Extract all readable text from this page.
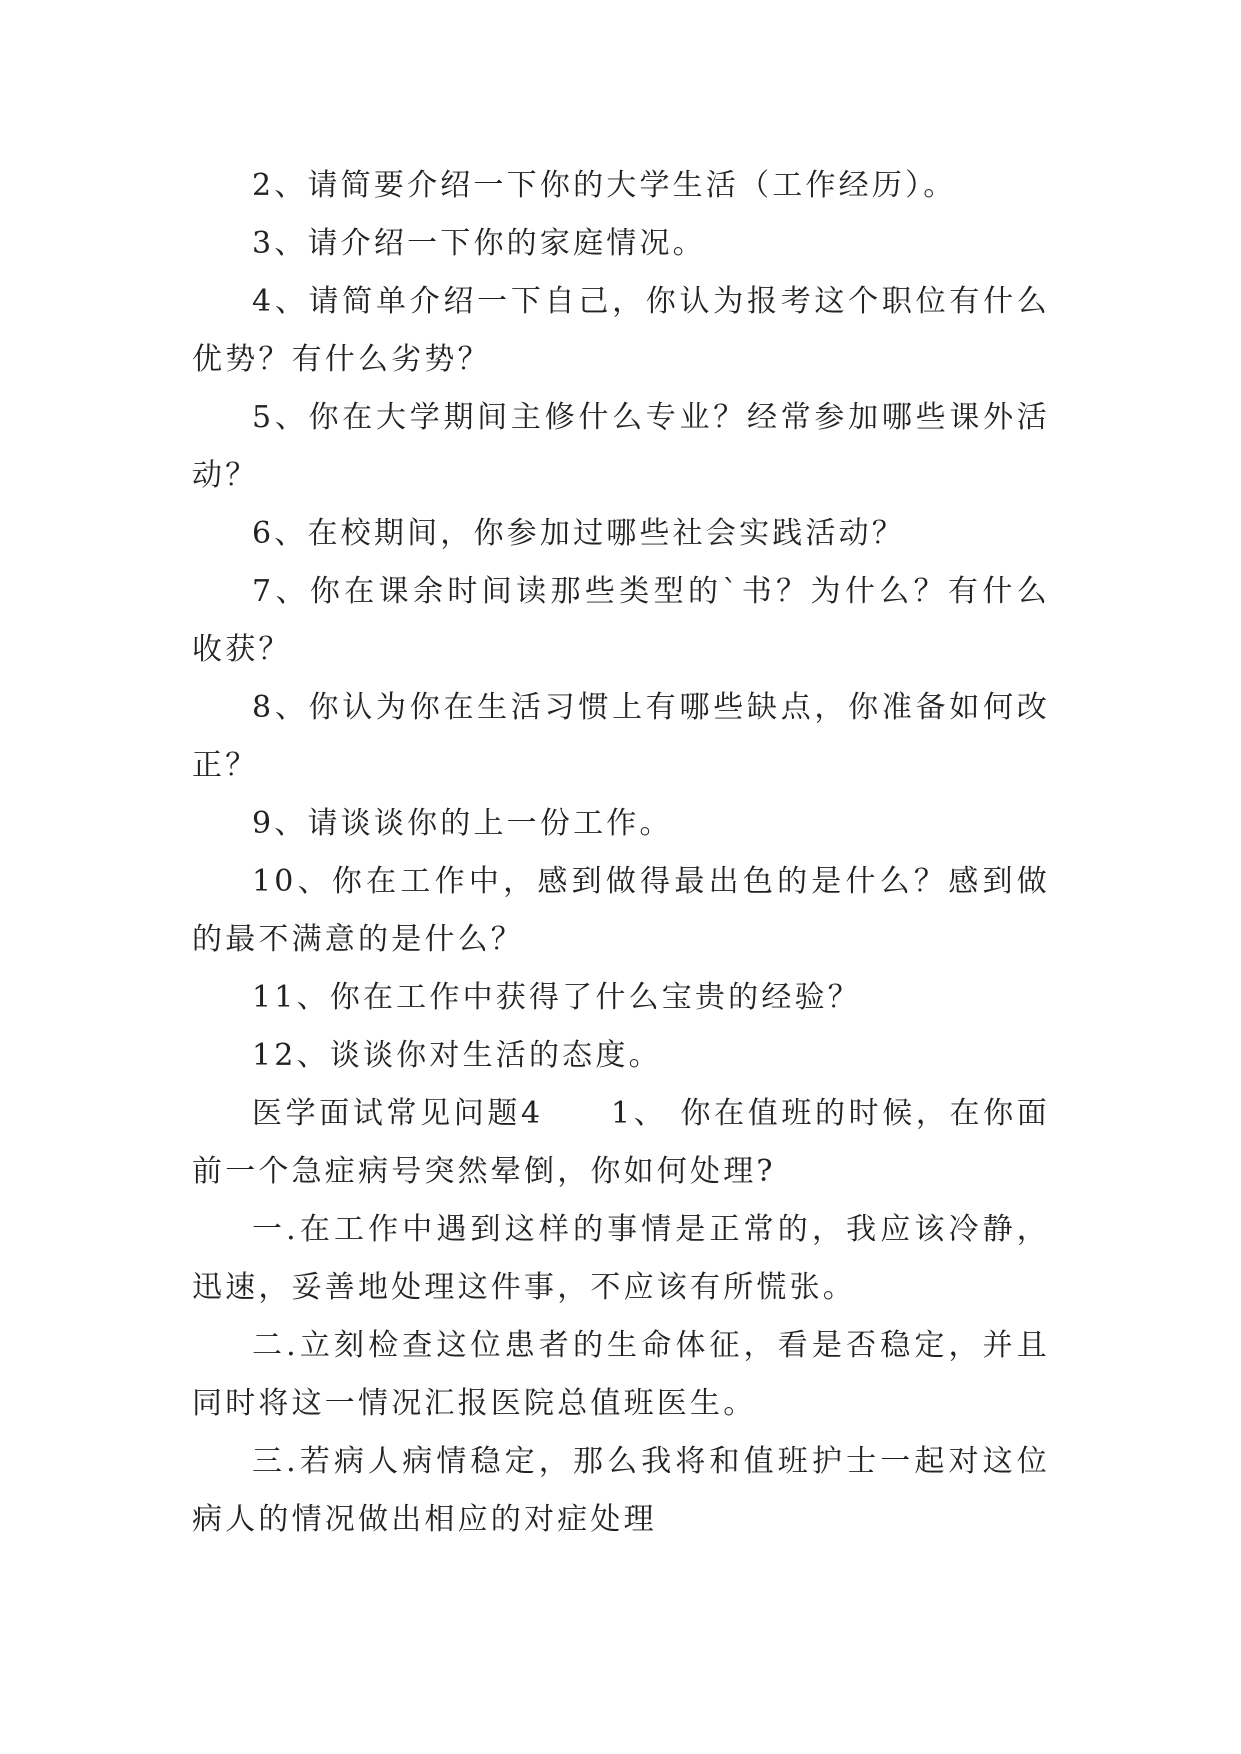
2、请简要介绍一下你的大学生活（工作经历）。

3、请介绍一下你的家庭情况。

4、请简单介绍一下自己，你认为报考这个职位有什么优势？有什么劣势？

5、你在大学期间主修什么专业？经常参加哪些课外活动？

6、在校期间，你参加过哪些社会实践活动？

7、你在课余时间读那些类型的`书？为什么？有什么收获？

8、你认为你在生活习惯上有哪些缺点，你准备如何改正？

9、请谈谈你的上一份工作。

10、你在工作中，感到做得最出色的是什么？感到做的最不满意的是什么？

11、你在工作中获得了什么宝贵的经验？

12、谈谈你对生活的态度。

医学面试常见问题4　　1、 你在值班的时候，在你面前一个急症病号突然晕倒，你如何处理?

一.在工作中遇到这样的事情是正常的，我应该冷静，迅速，妥善地处理这件事，不应该有所慌张。

二.立刻检查这位患者的生命体征，看是否稳定，并且同时将这一情况汇报医院总值班医生。

三.若病人病情稳定，那么我将和值班护士一起对这位病人的情况做出相应的对症处理
